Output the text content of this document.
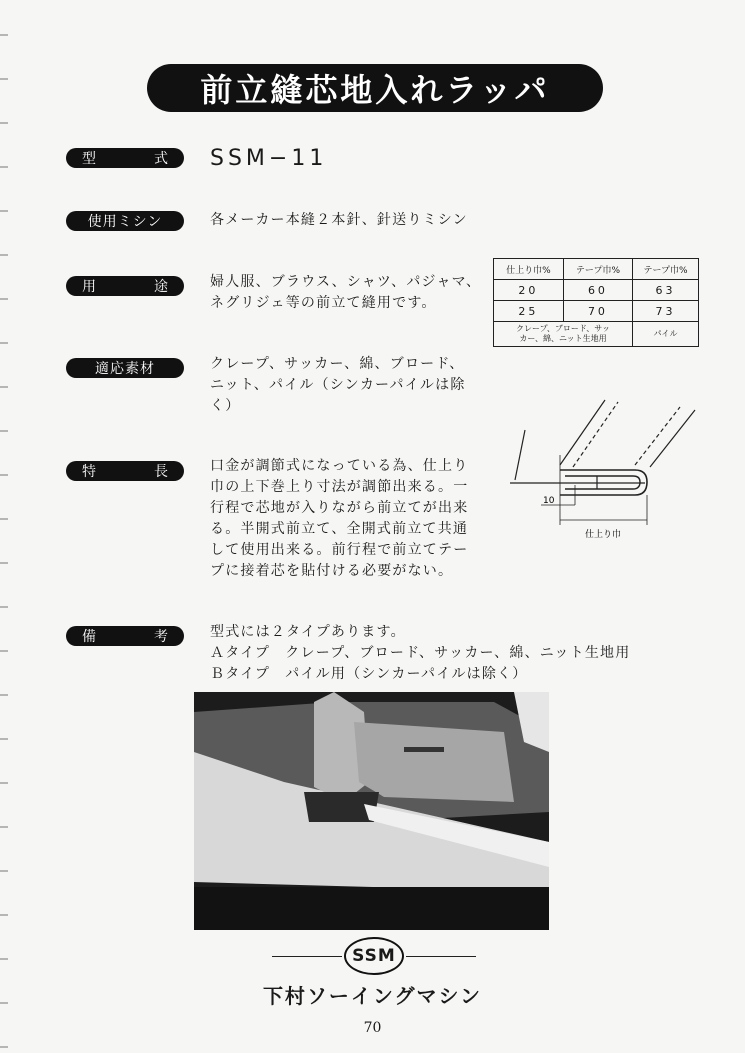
前立縫芯地入れラッパ
型	式 SSM−11
使用ミシン	各メーカー本縫２本針、針送りミシン
用	途	婦人服、ブラウス、シャツ、パジャマ、
ネグリジェ等の前立て縫用です。
仕上り巾%	テープ巾%	テープ巾%
20	60	63
25	70	73

クレープ、ブロード、サッ
カー、綿、ニット生地用		パイル
適応素材	クレープ、サッカー、綿、ブロード、
ニット、パイル（シンカーパイルは除
く）
10
仕上り巾
特	長	口金が調節式になっている為、仕上り
巾の上下巻上り寸法が調節出来る。一
行程で芯地が入りながら前立てが出来
る。半開式前立て、全開式前立て共通
して使用出来る。前行程で前立てテー
プに接着芯を貼付ける必要がない。
備	考	型式には２タイプあります。
Ａタイプ　クレープ、ブロード、サッカー、綿、ニット生地用
Ｂタイプ　パイル用（シンカーパイルは除く）
SSM
下村ソーイングマシン
70
